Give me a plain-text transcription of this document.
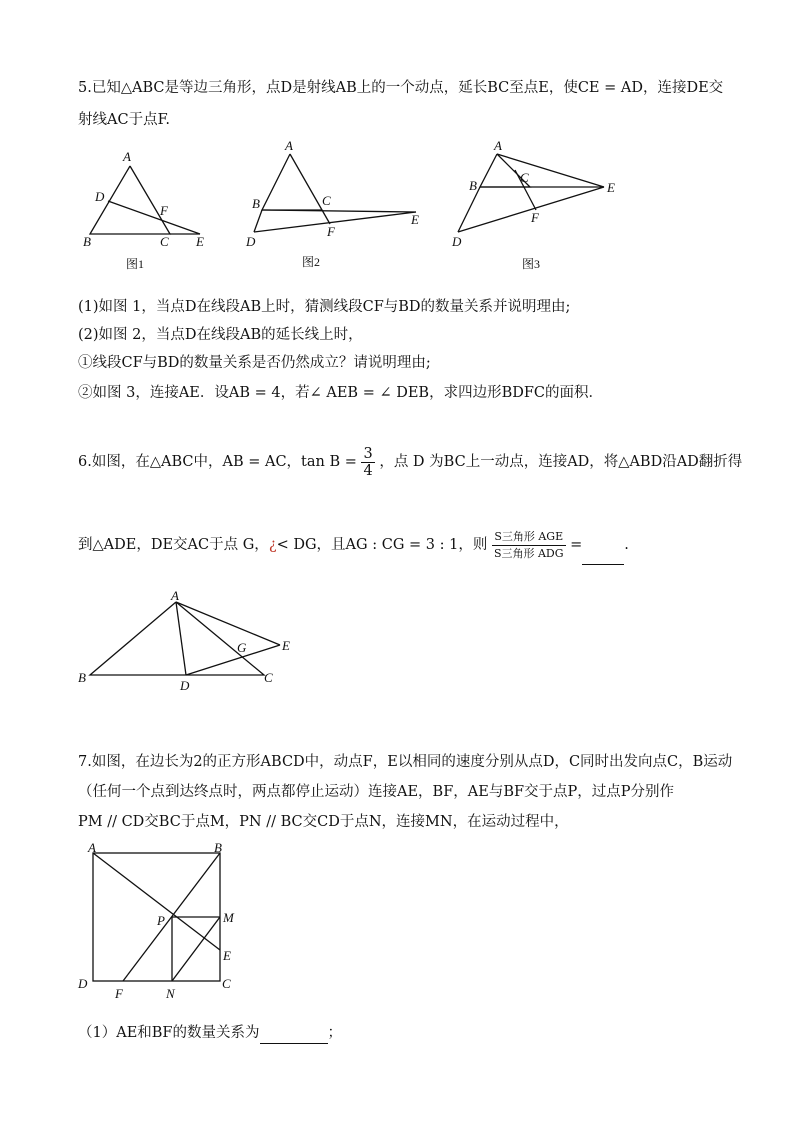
5.已知△ABC是等边三角形，点D是射线AB上的一个动点，延长BC至点E，使CE = AD，连接DE交
射线AC于点F.
A
D
F
B	C E
图1
A
B	C
E
F
D
图2
A
B
C
E
F
D
图3
A
G	E
B
D
C
A	B
P	M
E
D
F	N
C
(1)如图 1，当点D在线段AB上时，猜测线段CF与BD的数量关系并说明理由;
(2)如图 2，当点D在线段AB的延长线上时，
①线段CF与BD的数量关系是否仍然成立？请说明理由;
②如图 3，连接AE．设AB = 4，若∠ AEB = ∠ DEB，求四边形BDFC的面积．
6.如图，在△ABC中，AB = AC，$\tan B = \frac{3}{4}$ ，点 D 为BC上一动点，连接AD，将△ABD沿AD翻折得
到△ADE，DE交AC于点 G，¿< DG，且AG : CG = 3 : 1，则 $\frac{\text{S三角形 AGE}}{\text{S三角形 ADG}}$ =	.
7.如图，在边长为2的正方形ABCD中，动点F，E以相同的速度分别从点D，C同时出发向点C，B运动
（任何一个点到达终点时，两点都停止运动）连接AE，BF，AE与BF交于点P，过点P分别作
PM // CD交BC于点M，PN // BC交CD于点N，连接MN，在运动过程中，
（1）AE和BF的数量关系为	；
